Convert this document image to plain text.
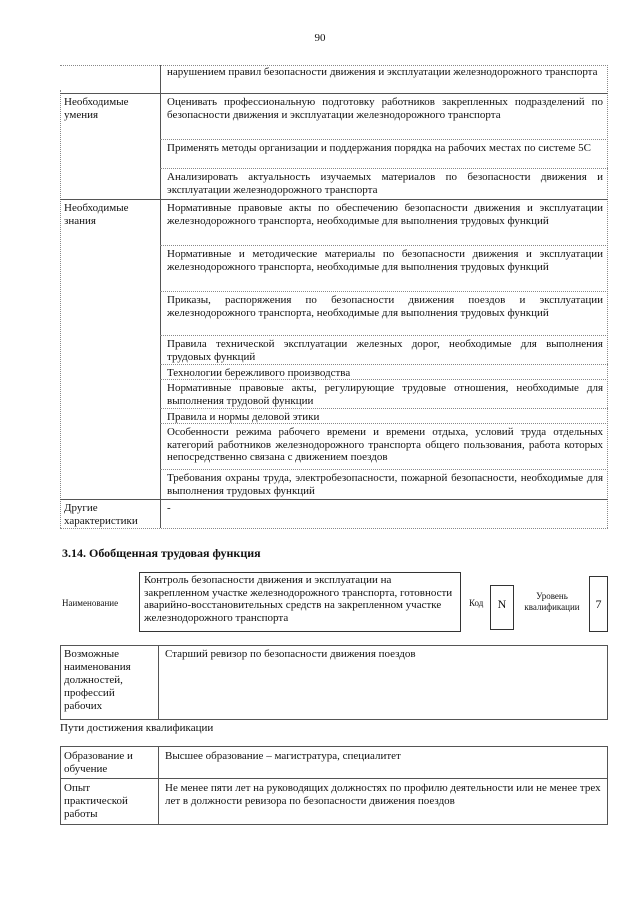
90
нарушением правил безопасности движения и эксплуатации железнодорожного транспорта
Необходимые умения
Оценивать профессиональную подготовку работников закрепленных подразделений по безопасности движения и эксплуатации железнодорожного транспорта
Применять методы организации и поддержания порядка на рабочих местах по системе 5С
Анализировать актуальность изучаемых материалов по безопасности движения и эксплуатации железнодорожного транспорта
Необходимые знания
Нормативные правовые акты по обеспечению безопасности движения и эксплуатации железнодорожного транспорта, необходимые для выполнения трудовых функций
Нормативные и методические материалы по безопасности движения и эксплуатации железнодорожного транспорта, необходимые для выполнения трудовых функций
Приказы, распоряжения по безопасности движения поездов и эксплуатации железнодорожного транспорта, необходимые для выполнения трудовых функций
Правила технической эксплуатации железных дорог, необходимые для выполнения трудовых функций
Технологии бережливого производства
Нормативные правовые акты, регулирующие трудовые отношения, необходимые для выполнения трудовой функции
Правила и нормы деловой этики
Особенности режима рабочего времени и времени отдыха, условий труда отдельных категорий работников железнодорожного транспорта общего пользования, работа которых непосредственно связана с движением поездов
Требования охраны труда, электробезопасности, пожарной безопасности, необходимые для выполнения трудовых функций
Другие характеристики
-
3.14. Обобщенная трудовая функция
Наименование
Контроль безопасности движения и эксплуатации на закрепленном участке железнодорожного транспорта, готовности аварийно-восстановительных средств на закрепленном участке железнодорожного транспорта
Код	N
Уровень квалификации	7
Возможные наименования должностей, профессий рабочих
Старший ревизор по безопасности движения поездов
Пути достижения квалификации
Образование и обучение
Высшее образование – магистратура, специалитет
Опыт практической работы
Не менее пяти лет на руководящих должностях по профилю деятельности или не менее трех лет в должности ревизора по безопасности движения поездов
